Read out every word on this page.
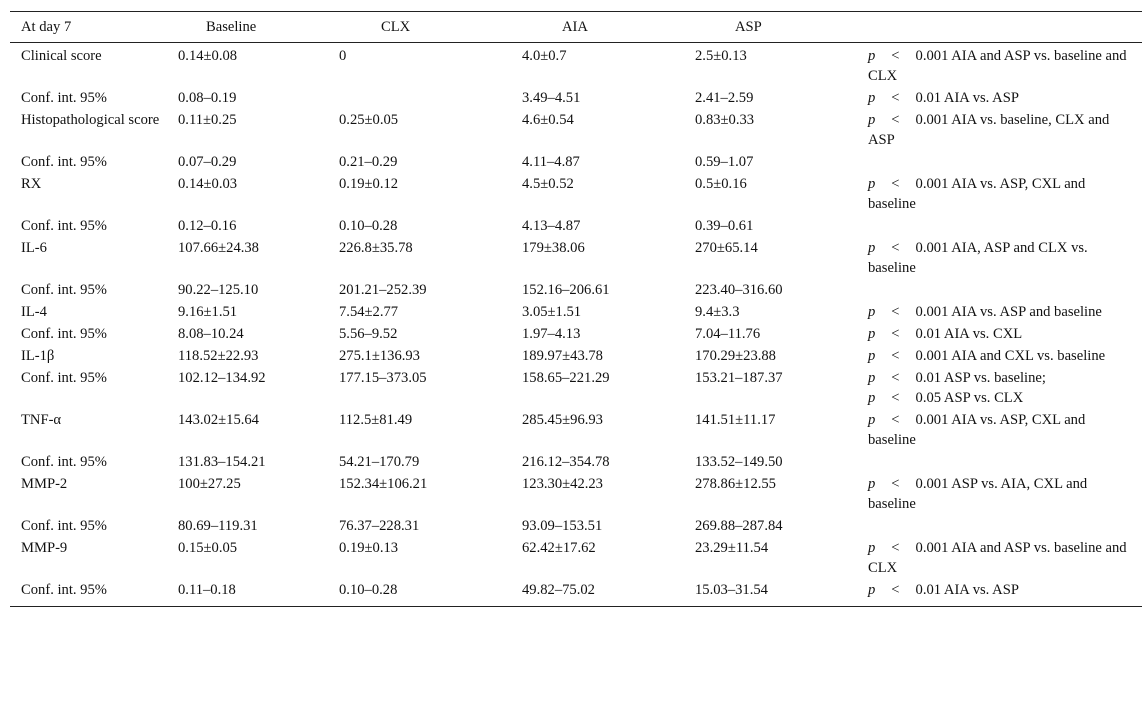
At day 7	Baseline	CLX	AIA	ASP	
Clinical score	0.14±0.08	0	4.0±0.7	2.5±0.13	p < 0.001 AIA and ASP vs. baseline and CLX
Conf. int. 95%	0.08–0.19		3.49–4.51	2.41–2.59	p < 0.01 AIA vs. ASP
Histopathological score	0.11±0.25	0.25±0.05	4.6±0.54	0.83±0.33	p < 0.001 AIA vs. baseline, CLX and ASP
Conf. int. 95%	0.07–0.29	0.21–0.29	4.11–4.87	0.59–1.07	
RX	0.14±0.03	0.19±0.12	4.5±0.52	0.5±0.16	p < 0.001 AIA vs. ASP, CXL and baseline
Conf. int. 95%	0.12–0.16	0.10–0.28	4.13–4.87	0.39–0.61	
IL-6	107.66±24.38	226.8±35.78	179±38.06	270±65.14	p < 0.001 AIA, ASP and CLX vs. baseline
Conf. int. 95%	90.22–125.10	201.21–252.39	152.16–206.61	223.40–316.60	
IL-4	9.16±1.51	7.54±2.77	3.05±1.51	9.4±3.3	p < 0.001 AIA vs. ASP and baseline
Conf. int. 95%	8.08–10.24	5.56–9.52	1.97–4.13	7.04–11.76	p < 0.01 AIA vs. CXL
IL-1β	118.52±22.93	275.1±136.93	189.97±43.78	170.29±23.88	p < 0.001 AIA and CXL vs. baseline
Conf. int. 95%	102.12–134.92	177.15–373.05	158.65–221.29	153.21–187.37	p < 0.01 ASP vs. baseline;
p < 0.05 ASP vs. CLX
TNF-α	143.02±15.64	112.5±81.49	285.45±96.93	141.51±11.17	p < 0.001 AIA vs. ASP, CXL and baseline
Conf. int. 95%	131.83–154.21	54.21–170.79	216.12–354.78	133.52–149.50	
MMP-2	100±27.25	152.34±106.21	123.30±42.23	278.86±12.55	p < 0.001 ASP vs. AIA, CXL and baseline
Conf. int. 95%	80.69–119.31	76.37–228.31	93.09–153.51	269.88–287.84	
MMP-9	0.15±0.05	0.19±0.13	62.42±17.62	23.29±11.54	p < 0.001 AIA and ASP vs. baseline and CLX
Conf. int. 95%	0.11–0.18	0.10–0.28	49.82–75.02	15.03–31.54	p < 0.01 AIA vs. ASP
